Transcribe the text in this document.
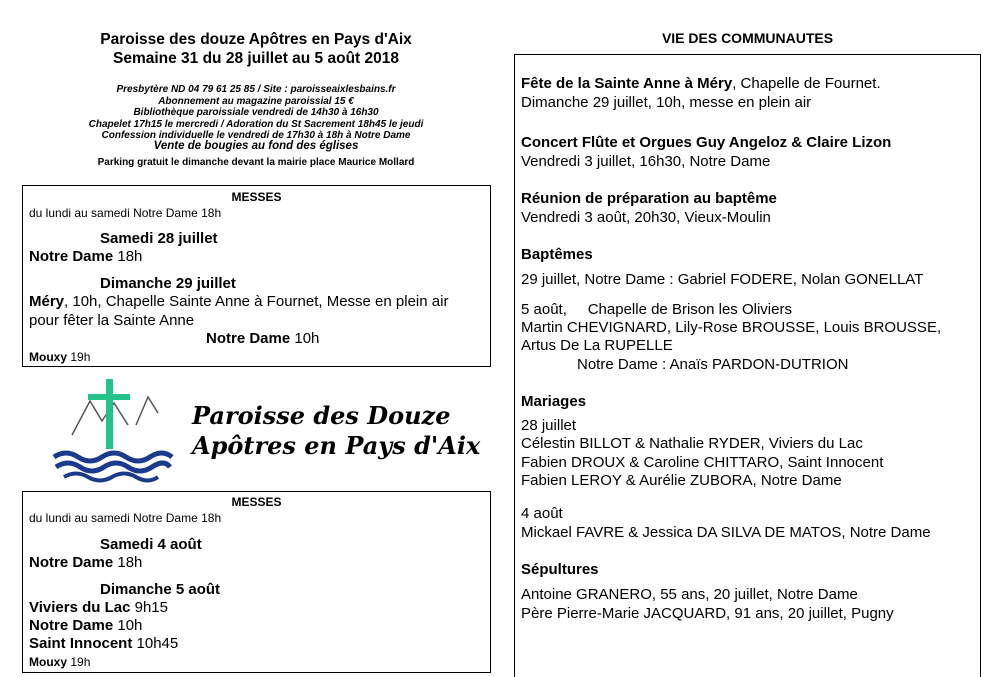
Paroisse des douze Apôtres en Pays d'Aix
Semaine 31 du 28 juillet au 5 août 2018
Presbytère ND 04 79 61 25 85 / Site : paroisseaixlesbains.fr
Abonnement au magazine paroissial 15 €
Bibliothèque paroissiale vendredi de 14h30 à 16h30
Chapelet 17h15 le mercredi / Adoration du St Sacrement 18h45 le jeudi
Confession individuelle le vendredi de 17h30 à 18h à Notre Dame
Vente de bougies au fond des églises
Parking gratuit le dimanche devant la mairie place Maurice Mollard
MESSES
du lundi au samedi Notre Dame 18h
Samedi 28 juillet
Notre Dame 18h
Dimanche 29 juillet
Méry, 10h, Chapelle Sainte Anne à Fournet, Messe en plein air
pour fêter la Sainte Anne
Notre Dame 10h
Mouxy 19h
Paroisse des Douze
Apôtres en Pays d'Aix
MESSES
du lundi au samedi Notre Dame 18h
Samedi 4 août
Notre Dame 18h
Dimanche 5 août
Viviers du Lac 9h15
Notre Dame 10h
Saint Innocent 10h45
Mouxy 19h
VIE DES COMMUNAUTES
Fête de la Sainte Anne à Méry, Chapelle de Fournet.
Dimanche 29 juillet, 10h, messe en plein air
Concert Flûte et Orgues Guy Angeloz & Claire Lizon
Vendredi 3 juillet, 16h30, Notre Dame
Réunion de préparation au baptême
Vendredi 3 août, 20h30, Vieux-Moulin
Baptêmes
29 juillet, Notre Dame : Gabriel FODERE, Nolan GONELLAT
5 août,     Chapelle de Brison les Oliviers
Martin CHEVIGNARD, Lily-Rose BROUSSE, Louis BROUSSE,
Artus De La RUPELLE
Notre Dame : Anaïs PARDON-DUTRION
Mariages
28 juillet
Célestin BILLOT & Nathalie RYDER, Viviers du Lac
Fabien DROUX & Caroline CHITTARO, Saint Innocent
Fabien LEROY & Aurélie ZUBORA, Notre Dame
4 août
Mickael FAVRE & Jessica DA SILVA DE MATOS, Notre Dame
Sépultures
Antoine GRANERO, 55 ans, 20 juillet, Notre Dame
Père Pierre-Marie JACQUARD, 91 ans, 20 juillet, Pugny
